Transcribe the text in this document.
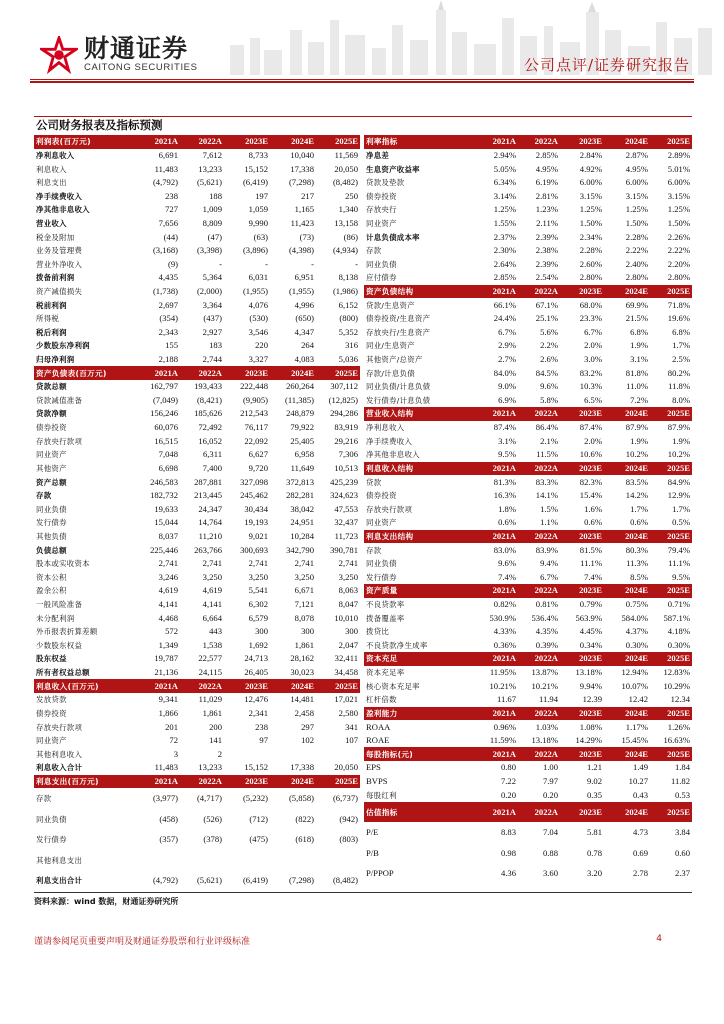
财通证券
CAITONG SECURITIES	公司点评/证券研究报告
公司财务报表及指标预测
利润表(百万元)	2021A	2022A	2023E	2024E	2025E
净利息收入	6,691	7,612	8,733	10,040	11,569
利息收入	11,483	13,233	15,152	17,338	20,050
利息支出	(4,792)	(5,621)	(6,419)	(7,298)	(8,482)
净手续费收入	238	188	197	217	250
净其他非息收入	727	1,009	1,059	1,165	1,340
营业收入	7,656	8,809	9,990	11,423	13,158
税金及附加	(44)	(47)	(63)	(73)	(86)
业务及管理费	(3,168)	(3,398)	(3,896)	(4,398)	(4,934)
营业外净收入	(9)	-	-	-	-
拨备前利润	4,435	5,364	6,031	6,951	8,138
资产减值损失	(1,738)	(2,000)	(1,955)	(1,955)	(1,986)
税前利润	2,697	3,364	4,076	4,996	6,152
所得税	(354)	(437)	(530)	(650)	(800)
税后利润	2,343	2,927	3,546	4,347	5,352
少数股东净利润	155	183	220	264	316
归母净利润	2,188	2,744	3,327	4,083	5,036
资产负债表(百万元)	2021A	2022A	2023E	2024E	2025E
贷款总额	162,797	193,433	222,448	260,264	307,112
贷款减值准备	(7,049)	(8,421)	(9,905)	(11,385)	(12,825)
贷款净额	156,246	185,626	212,543	248,879	294,286
债券投资	60,076	72,492	76,117	79,922	83,919
存放央行款项	16,515	16,052	22,092	25,405	29,216
同业资产	7,048	6,311	6,627	6,958	7,306
其他资产	6,698	7,400	9,720	11,649	10,513
资产总额	246,583	287,881	327,098	372,813	425,239
存款	182,732	213,445	245,462	282,281	324,623
同业负债	19,633	24,347	30,434	38,042	47,553
发行债券	15,044	14,764	19,193	24,951	32,437
其他负债	8,037	11,210	9,021	10,284	11,723
负债总额	225,446	263,766	300,693	342,790	390,781
股本或实收资本	2,741	2,741	2,741	2,741	2,741
资本公积	3,246	3,250	3,250	3,250	3,250
盈余公积	4,619	4,619	5,541	6,671	8,063
一般风险准备	4,141	4,141	6,302	7,121	8,047
未分配利润	4,468	6,664	6,579	8,078	10,010
外币报表折算差额	572	443	300	300	300
少数股东权益	1,349	1,538	1,692	1,861	2,047
股东权益	19,787	22,577	24,713	28,162	32,411
所有者权益总额	21,136	24,115	26,405	30,023	34,458
利息收入(百万元)	2021A	2022A	2023E	2024E	2025E
发放贷款	9,341	11,029	12,476	14,481	17,021
债券投资	1,866	1,861	2,341	2,458	2,580
存放央行款项	201	200	238	297	341
同业资产	72	141	97	102	107
其他利息收入	3	2			
利息收入合计	11,483	13,233	15,152	17,338	20,050
利息支出(百万元)	2021A	2022A	2023E	2024E	2025E
存款	(3,977)	(4,717)	(5,232)	(5,858)	(6,737)
同业负债	(458)	(526)	(712)	(822)	(942)
发行债券	(357)	(378)	(475)	(618)	(803)
其他利息支出					
利息支出合计	(4,792)	(5,621)	(6,419)	(7,298)	(8,482)
利率指标	2021A	2022A	2023E	2024E	2025E
净息差	2.94%	2.85%	2.84%	2.87%	2.89%
生息资产收益率	5.05%	4.95%	4.92%	4.95%	5.01%
贷款及垫款	6.34%	6.19%	6.00%	6.00%	6.00%
债券投资	3.14%	2.81%	3.15%	3.15%	3.15%
存放央行	1.25%	1.23%	1.25%	1.25%	1.25%
同业资产	1.55%	2.11%	1.50%	1.50%	1.50%
计息负债成本率	2.37%	2.39%	2.34%	2.28%	2.26%
存款	2.30%	2.38%	2.28%	2.22%	2.22%
同业负债	2.64%	2.39%	2.60%	2.40%	2.20%
应付债券	2.85%	2.54%	2.80%	2.80%	2.80%
资产负债结构	2021A	2022A	2023E	2024E	2025E
贷款/生息资产	66.1%	67.1%	68.0%	69.9%	71.8%
债券投资/生息资产	24.4%	25.1%	23.3%	21.5%	19.6%
存放央行/生息资产	6.7%	5.6%	6.7%	6.8%	6.8%
同业/生息资产	2.9%	2.2%	2.0%	1.9%	1.7%
其他资产/总资产	2.7%	2.6%	3.0%	3.1%	2.5%
存款/计息负债	84.0%	84.5%	83.2%	81.8%	80.2%
同业负债/计息负债	9.0%	9.6%	10.3%	11.0%	11.8%
发行债券/计息负债	6.9%	5.8%	6.5%	7.2%	8.0%
营业收入结构	2021A	2022A	2023E	2024E	2025E
净利息收入	87.4%	86.4%	87.4%	87.9%	87.9%
净手续费收入	3.1%	2.1%	2.0%	1.9%	1.9%
净其他非息收入	9.5%	11.5%	10.6%	10.2%	10.2%
利息收入结构	2021A	2022A	2023E	2024E	2025E
贷款	81.3%	83.3%	82.3%	83.5%	84.9%
债券投资	16.3%	14.1%	15.4%	14.2%	12.9%
存放央行款项	1.8%	1.5%	1.6%	1.7%	1.7%
同业资产	0.6%	1.1%	0.6%	0.6%	0.5%
利息支出结构	2021A	2022A	2023E	2024E	2025E
存款	83.0%	83.9%	81.5%	80.3%	79.4%
同业负债	9.6%	9.4%	11.1%	11.3%	11.1%
发行债券	7.4%	6.7%	7.4%	8.5%	9.5%
资产质量	2021A	2022A	2023E	2024E	2025E
不良贷款率	0.82%	0.81%	0.79%	0.75%	0.71%
拨备覆盖率	530.9%	536.4%	563.9%	584.0%	587.1%
拨贷比	4.33%	4.35%	4.45%	4.37%	4.18%
不良贷款净生成率	0.36%	0.39%	0.34%	0.30%	0.30%
资本充足	2021A	2022A	2023E	2024E	2025E
资本充足率	11.95%	13.87%	13.18%	12.94%	12.83%
核心资本充足率	10.21%	10.21%	9.94%	10.07%	10.29%
杠杆倍数	11.67	11.94	12.39	12.42	12.34
盈利能力	2021A	2022A	2023E	2024E	2025E
ROAA	0.96%	1.03%	1.08%	1.17%	1.26%
ROAE	11.59%	13.18%	14.29%	15.45%	16.63%
每股指标(元)	2021A	2022A	2023E	2024E	2025E
EPS	0.80	1.00	1.21	1.49	1.84
BVPS	7.22	7.97	9.02	10.27	11.82
每股红利	0.20	0.20	0.35	0.43	0.53
估值指标	2021A	2022A	2023E	2024E	2025E
P/E	8.83	7.04	5.81	4.73	3.84
P/B	0.98	0.88	0.78	0.69	0.60
P/PPOP	4.36	3.60	3.20	2.78	2.37
资料来源：wind 数据，财通证券研究所
谨请参阅尾页重要声明及财通证券股票和行业评级标准	4
